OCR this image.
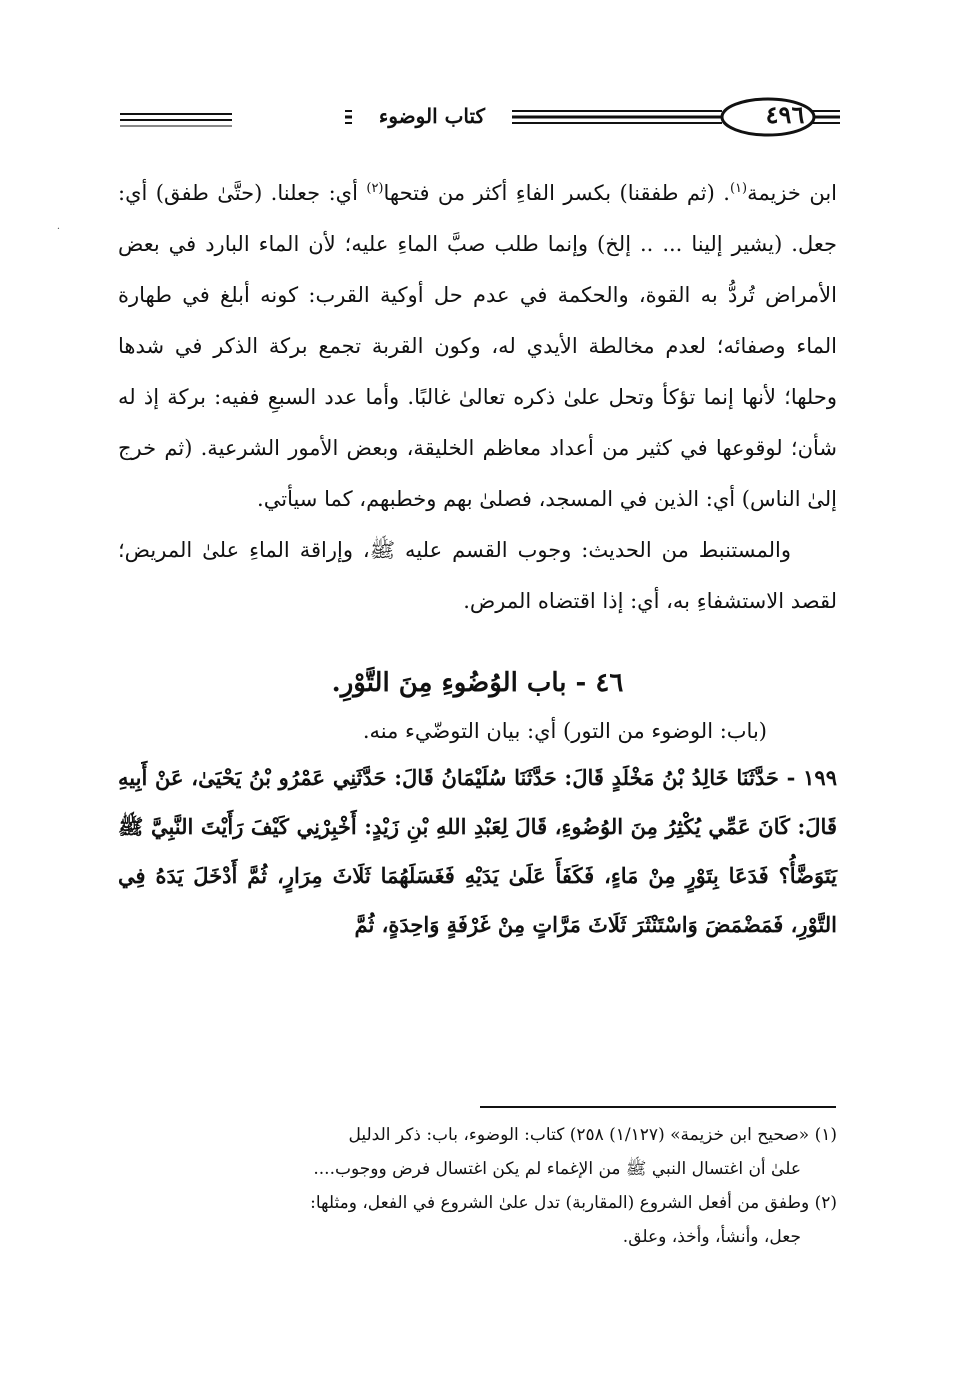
٤٩٦
كتاب الوضوء
·

ابن خزيمة$^{(١)}$. (ثم طفقنا) بكسر الفاءِ أكثر من فتحها$^{(٢)}$ أي: جعلنا. (حتَّىٰ طفق) أي: جعل. (يشير إلينا ... .. إلخ) وإنما طلب صبَّ الماءِ عليه؛ لأن الماء البارد في بعض الأمراض تُردُّ به القوة، والحكمة في عدم حل أوكية القرب: كونه أبلغ في طهارة الماء وصفائه؛ لعدم مخالطة الأيدي له، وكون القربة تجمع بركة الذكر في شدها وحلها؛ لأنها إنما تؤكأ وتحل علىٰ ذكره تعالىٰ غالبًا. وأما عدد السبعِ ففيه: بركة إذ له شأن؛ لوقوعها في كثير من أعداد معاظم الخليقة، وبعض الأمور الشرعية. (ثم خرج إلىٰ الناس) أي: الذين في المسجد، فصلىٰ بهم وخطبهم، كما سيأتي.

والمستنبط من الحديث: وجوب القسم عليه ﷺ، وإراقة الماءِ علىٰ المريض؛ لقصد الاستشفاءِ به، أي: إذا اقتضاه المرض.

٤٦ - باب الوُضُوءِ مِنَ التَّوْرِ.

(باب: الوضوء من التور) أي: بيان التوضّيء منه.

١٩٩ - حَدَّثَنَا خَالِدُ بْنُ مَخْلَدٍ قَالَ: حَدَّثَنَا سُلَيْمَانُ قَالَ: حَدَّثَنِي عَمْرُو بْنُ يَحْيَىٰ، عَنْ أَبِيهِ قَالَ: كَانَ عَمِّي يُكْثِرُ مِنَ الوُضُوءِ، قَالَ لِعَبْدِ اللهِ بْنِ زَيْدٍ: أَخْبِرْنِي كَيْفَ رَأَيْتَ النَّبِيَّ ﷺ يَتَوَضَّأُ؟ فَدَعَا بِتَوْرٍ مِنْ مَاءٍ، فَكَفَأَ عَلَىٰ يَدَيْهِ فَغَسَلَهُمَا ثَلَاثَ مِرَارٍ، ثُمَّ أَدْخَلَ يَدَهُ فِي التَّوْرِ، فَمَضْمَضَ وَاسْتَنْثَرَ ثَلَاثَ مَرَّاتٍ مِنْ غَرْفَةٍ وَاحِدَةٍ، ثُمَّ

(١) «صحيح ابن خزيمة» (١/١٢٧) ٢٥٨) كتاب: الوضوء، باب: ذكر الدليل

علىٰ أن اغتسال النبي ﷺ من الإغماء لم يكن اغتسال فرض ووجوب....

(٢) وطفق من أفعل الشروع (المقاربة) تدل علىٰ الشروع في الفعل، ومثلها:

جعل، وأنشأ، وأخذ، وعلق.
